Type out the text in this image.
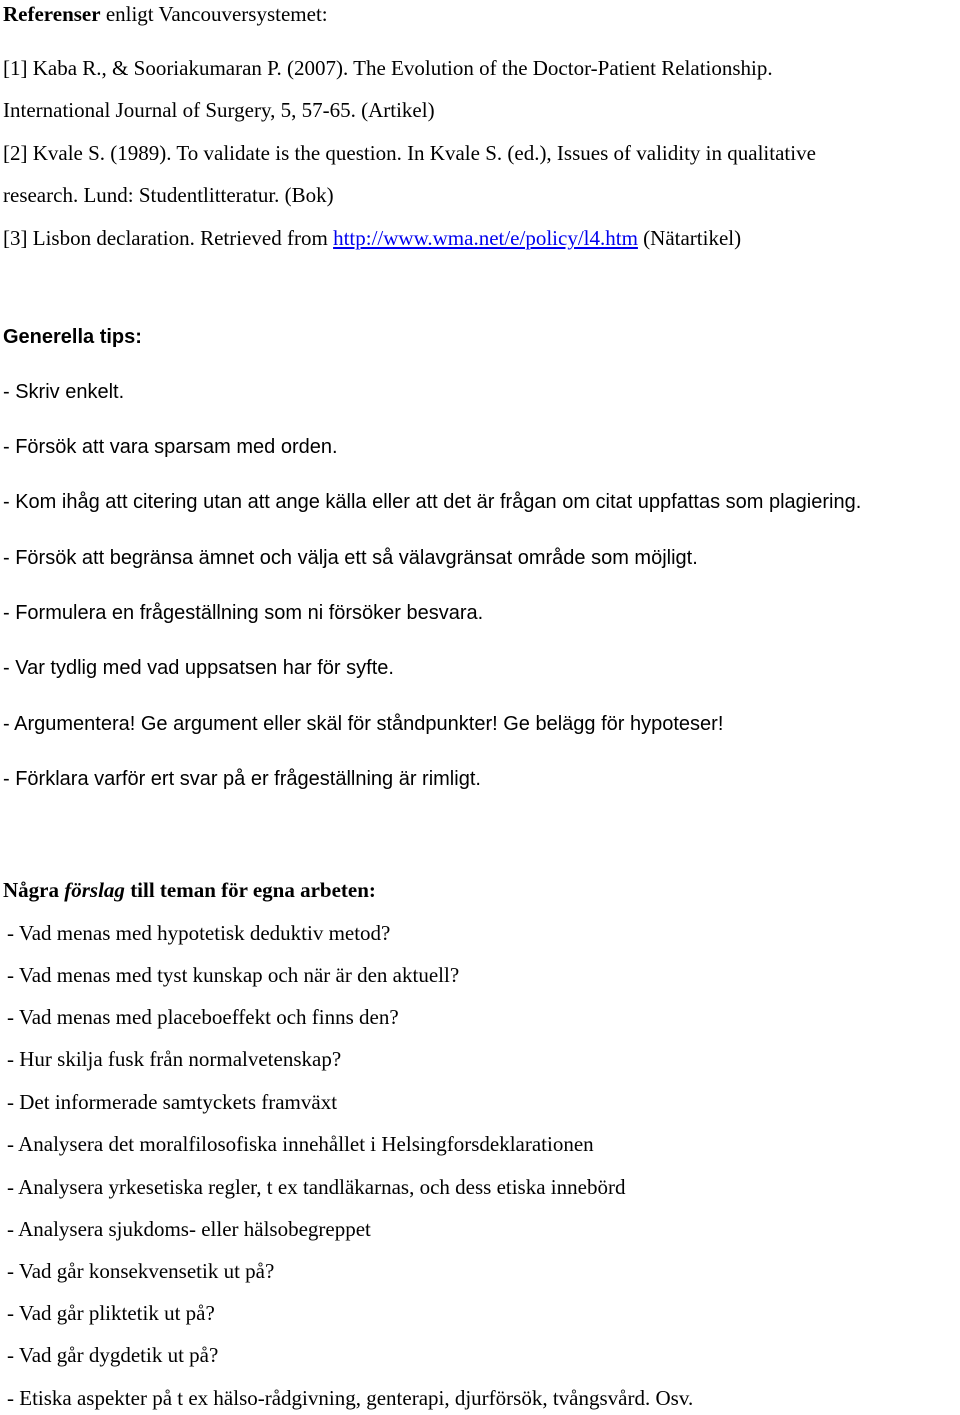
Referenser enligt Vancouversystemet:
[1] Kaba R., & Sooriakumaran P. (2007). The Evolution of the Doctor-Patient Relationship.
International Journal of Surgery, 5, 57-65. (Artikel)
[2] Kvale S. (1989). To validate is the question. In Kvale S. (ed.), Issues of validity in qualitative
research. Lund: Studentlitteratur. (Bok)
[3] Lisbon declaration. Retrieved from http://www.wma.net/e/policy/l4.htm (Nätartikel)
Generella tips:
- Skriv enkelt.
- Försök att vara sparsam med orden.
- Kom ihåg att citering utan att ange källa eller att det är frågan om citat uppfattas som plagiering.
- Försök att begränsa ämnet och välja ett så välavgränsat område som möjligt.
- Formulera en frågeställning som ni försöker besvara.
- Var tydlig med vad uppsatsen har för syfte.
- Argumentera! Ge argument eller skäl för ståndpunkter! Ge belägg för hypoteser!
- Förklara varför ert svar på er frågeställning är rimligt.
Några förslag till teman för egna arbeten:
- Vad menas med hypotetisk deduktiv metod?
- Vad menas med tyst kunskap och när är den aktuell?
- Vad menas med placeboeffekt och finns den?
- Hur skilja fusk från normalvetenskap?
- Det informerade samtyckets framväxt
- Analysera det moralfilosofiska innehållet i Helsingforsdeklarationen
- Analysera yrkesetiska regler, t ex tandläkarnas, och dess etiska innebörd
- Analysera sjukdoms- eller hälsobegreppet
- Vad går konsekvensetik ut på?
- Vad går pliktetik ut på?
- Vad går dygdetik ut på?
- Etiska aspekter på t ex hälso-rådgivning, genterapi, djurförsök, tvångsvård. Osv.
